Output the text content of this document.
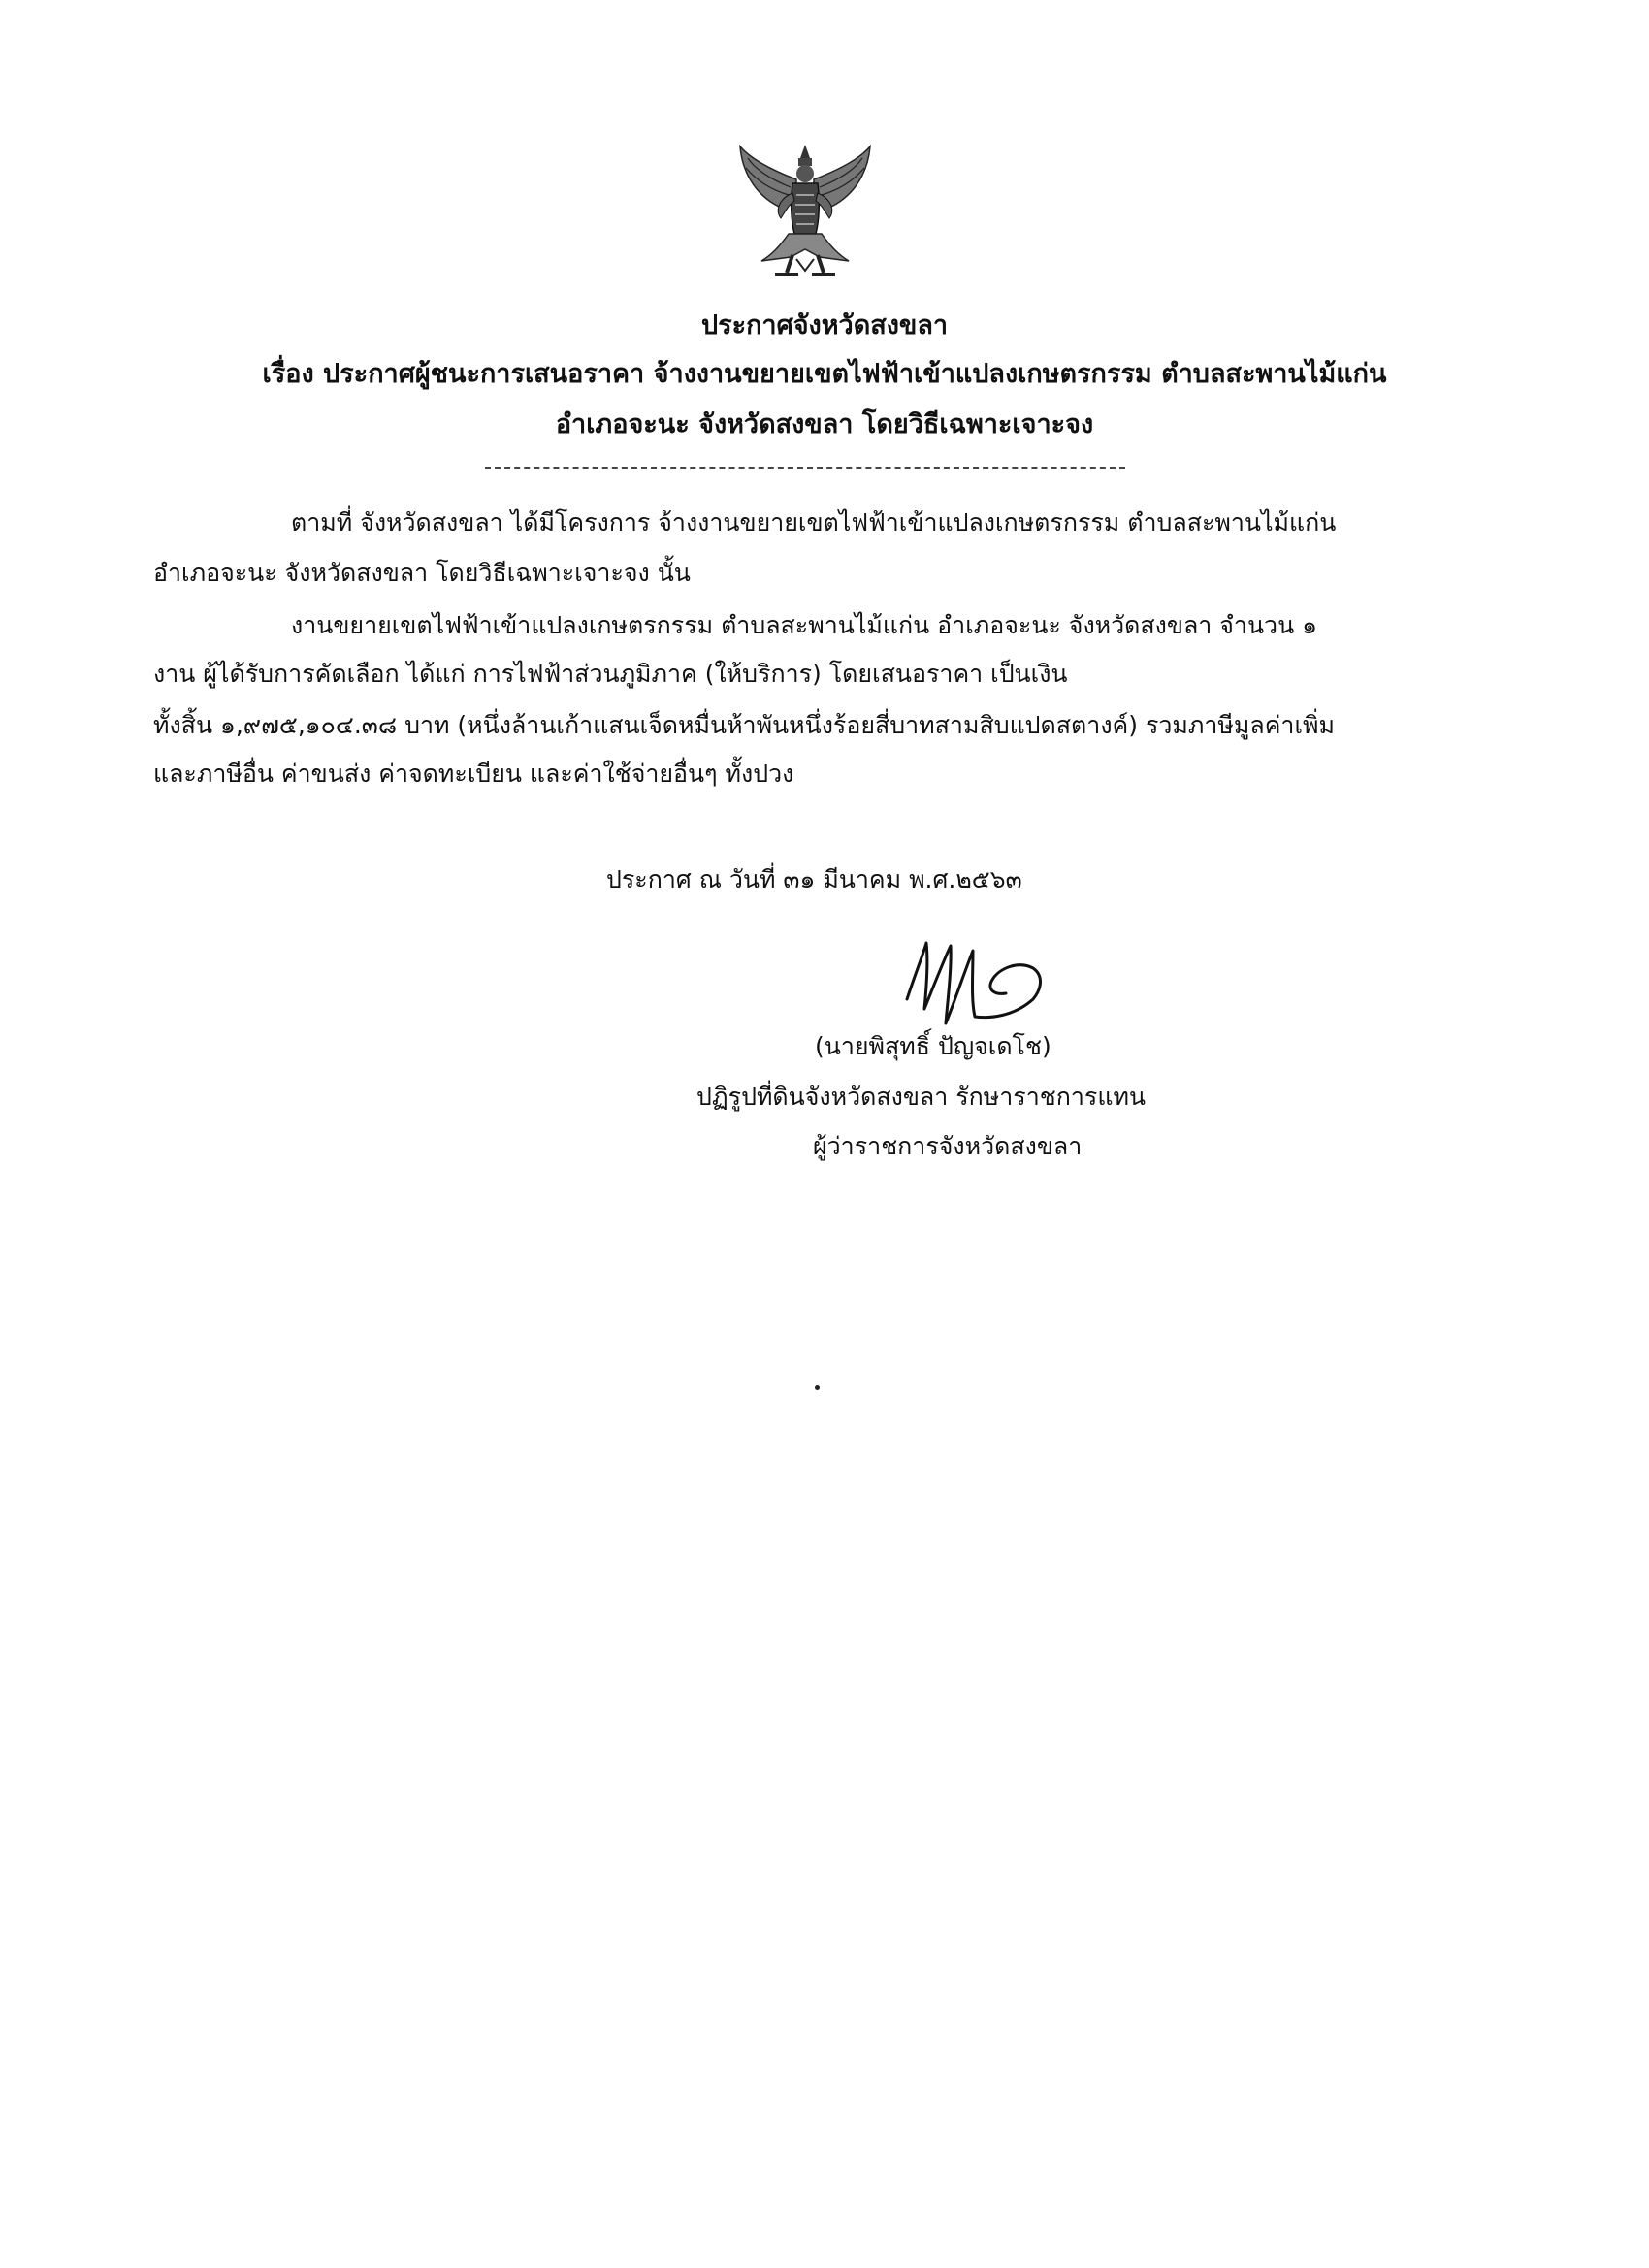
ประกาศจังหวัดสงขลา
เรื่อง ประกาศผู้ชนะการเสนอราคา จ้างงานขยายเขตไฟฟ้าเข้าแปลงเกษตรกรรม ตำบลสะพานไม้แก่น
อำเภอจะนะ จังหวัดสงขลา โดยวิธีเฉพาะเจาะจง
ตามที่ จังหวัดสงขลา ได้มีโครงการ จ้างงานขยายเขตไฟฟ้าเข้าแปลงเกษตรกรรม ตำบลสะพานไม้แก่น
อำเภอจะนะ จังหวัดสงขลา โดยวิธีเฉพาะเจาะจง นั้น
งานขยายเขตไฟฟ้าเข้าแปลงเกษตรกรรม ตำบลสะพานไม้แก่น อำเภอจะนะ จังหวัดสงขลา จำนวน ๑
งาน ผู้ได้รับการคัดเลือก ได้แก่ การไฟฟ้าส่วนภูมิภาค (ให้บริการ) โดยเสนอราคา เป็นเงิน
ทั้งสิ้น ๑,๙๗๕,๑๐๔.๓๘ บาท (หนึ่งล้านเก้าแสนเจ็ดหมื่นห้าพันหนึ่งร้อยสี่บาทสามสิบแปดสตางค์) รวมภาษีมูลค่าเพิ่ม
และภาษีอื่น ค่าขนส่ง ค่าจดทะเบียน และค่าใช้จ่ายอื่นๆ ทั้งปวง
ประกาศ ณ วันที่ ๓๑ มีนาคม พ.ศ.๒๕๖๓
(นายพิสุทธิ์ ปัญจเดโช)
ปฏิรูปที่ดินจังหวัดสงขลา รักษาราชการแทน
ผู้ว่าราชการจังหวัดสงขลา
